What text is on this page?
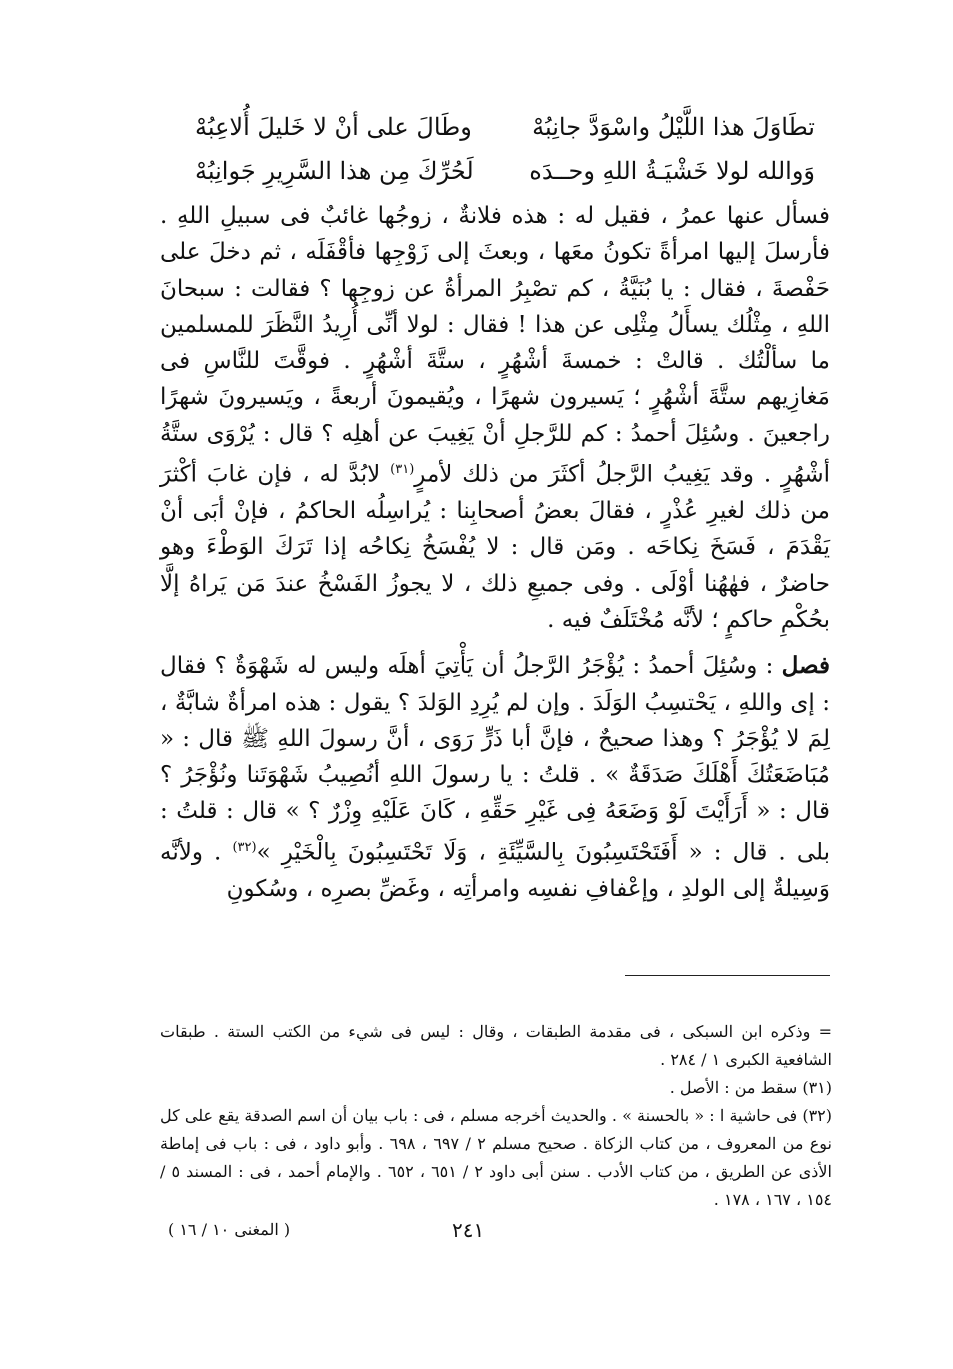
تطَاوَلَ هذا اللَّيْلُ واسْوَدَّ جانِبُهْ
وطَالَ على أنْ لا خَليلَ أُلاعِبُهْ
وَوالله لولا خَشْيَـةُ اللهِ وحــدَه
لَحُرِّكَ مِن هذا السَّرِيرِ جَوانِبُهْ

فسأل عنها عمرُ ، فقيل له : هذه فلانةٌ ، زوجُها غائبٌ فى سبيلِ اللهِ . فأرسلَ إليها امرأةً تكونُ معَها ، وبعثَ إلى زَوْجِها فأقْفَلَه ، ثم دخلَ على حَفْصةَ ، فقال : يا بُنَيَّةُ ، كم تصْبِرُ المرأةُ عن زوجِها ؟ فقالت : سبحانَ اللهِ ، مِثْلُك يسأَلُ مِثْلِى عن هذا ! فقال : لولا أنِّى أُرِيدُ النَّظَرَ للمسلمين ما سألْتُك . قالتْ : خمسةَ أشْهُرٍ ، ستَّةَ أشْهُرٍ . فوقَّتَ للنَّاسِ فى مَغازِيهم ستَّةَ أشْهُرٍ ؛ يَسيرون شهرًا ، ويُقيمونَ أربعةً ، ويَسيرونَ شهرًا راجعينَ . وسُئِلَ أحمدُ : كم للرَّجلِ أنْ يَغِيبَ عن أهلِه ؟ قال : يُرْوَى ستَّةُ أشْهُرٍ . وقد يَغِيبُ الرَّجلُ أكثَرَ من ذلك لأمرٍ$^{(٣١)}$ لابُدَّ له ، فإن غابَ أكْثرَ من ذلك لغيرِ عُذْرٍ ، فقالَ بعضُ أصحابِنا : يُراسِلُه الحاكمُ ، فإنْ أبَى أنْ يَقْدَمَ ، فَسَخَ نِكاحَه . ومَن قال : لا يُفْسَخُ نِكاحُه إذا تَرَكَ الوَطْءَ وهو حاضرٌ ، فهٰهُنا أوْلَى . وفى جميعِ ذلك ، لا يجوزُ الفَسْخُ عندَ مَن يَراهُ إلَّا بحُكْمِ حاكمٍ ؛ لأنَّه مُخْتَلَفٌ فيه .

فصل : وسُئِلَ أحمدُ : يُؤْجَرُ الرَّجلُ أن يَأْتِيَ أهلَه وليس له شَهْوَةٌ ؟ فقال : إى واللهِ ، يَحْتسِبُ الوَلَدَ . وإن لم يُرِدِ الوَلدَ ؟ يقول : هذه امرأةٌ شابَّةٌ ، لِمَ لا يُؤْجَرُ ؟ وهذا صحيحٌ ، فإنَّ أبا ذَرٍّ رَوَى ، أنَّ رسولَ اللهِ ﷺ قال : « مُبَاضَعَتُكَ أَهْلَكَ صَدَقَةٌ » . قلتُ : يا رسولَ اللهِ أنُصِيبُ شَهْوَتَنا ونُؤْجَرُ ؟ قال : « أَرَأَيْتَ لَوْ وَضَعَهُ فِى غَيْرِ حَقِّهِ ، كَانَ عَلَيْهِ وِزْرٌ ؟ » قال : قلتُ : بلى . قال : « أَفَتَحْتَسِبُونَ بِالسَّيِّئَةِ ، وَلَا تَحْتَسِبُونَ بِالْخَيْرِ »$^{(٣٢)}$ . ولأنَّه وَسِيلةٌ إلى الولدِ ، وإعْفافِ نفسِه وامرأتِه ، وغَضِّ بصرِه ، وسُكونِ

= وذكره ابن السبكى ، فى مقدمة الطبقات ، وقال : ليس فى شيء من الكتب الستة . طبقات الشافعية الكبرى ١ / ٢٨٤ .

(٣١) سقط من : الأصل .

(٣٢) فى حاشية ا : « بالحسنة » . والحديث أخرجه مسلم ، فى : باب بيان أن اسم الصدقة يقع على كل نوع من المعروف ، من كتاب الزكاة . صحيح مسلم ٢ / ٦٩٧ ، ٦٩٨ . وأبو داود ، فى : باب فى إماطة الأذى عن الطريق ، من كتاب الأدب . سنن أبى داود ٢ / ٦٥١ ، ٦٥٢ . والإمام أحمد ، فى : المسند ٥ / ١٥٤ ، ١٦٧ ، ١٧٨ .

٢٤١
( المغنى ١٠ / ١٦ )
